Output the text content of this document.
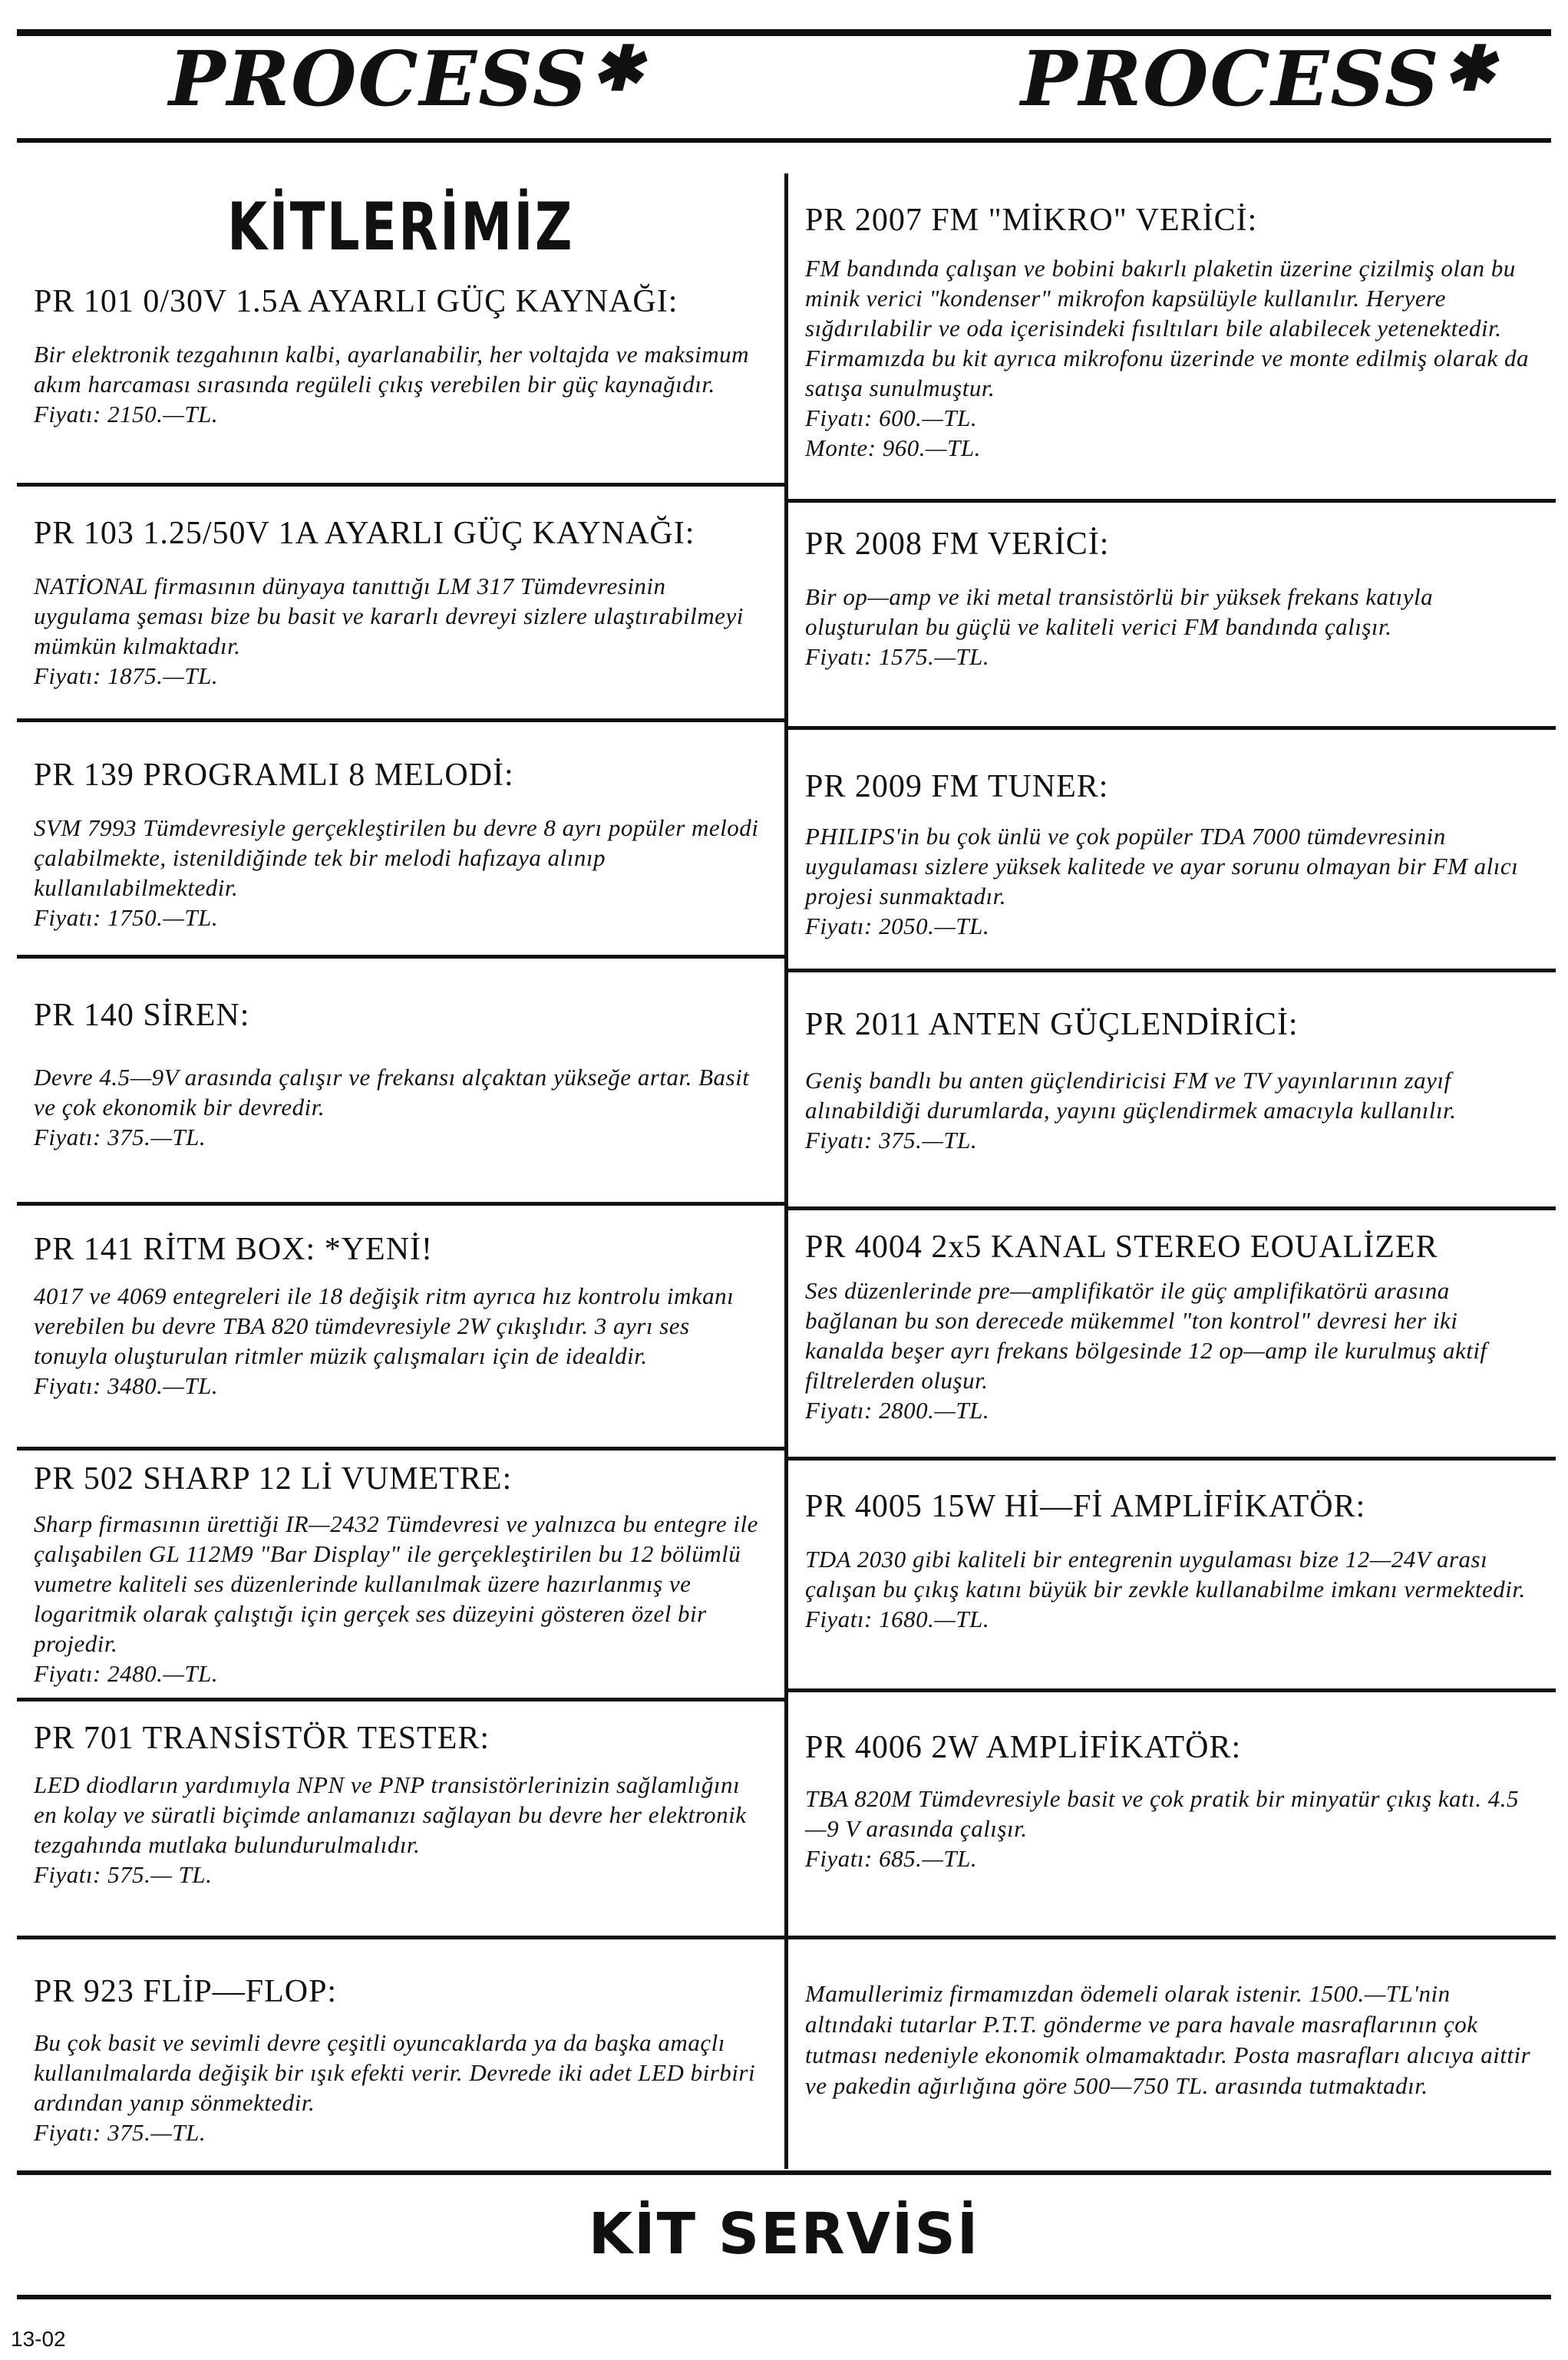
PROCESS✱	PROCESS✱
KİTLERİMİZ
PR 101 0/30V 1.5A AYARLI GÜÇ KAYNAĞI:

Bir elektronik tezgahının kalbi, ayarlanabilir, her voltajda ve maksimum akım harcaması sırasında regüleli çıkış verebilen bir güç kaynağıdır.

Fiyatı: 2150.—TL.

PR 103 1.25/50V 1A AYARLI GÜÇ KAYNAĞI:

NATİONAL firmasının dünyaya tanıttığı LM 317 Tümdevresinin uygulama şeması bize bu basit ve kararlı devreyi sizlere ulaştırabilmeyi mümkün kılmaktadır.

Fiyatı: 1875.—TL.

PR 139 PROGRAMLI 8 MELODİ:

SVM 7993 Tümdevresiyle gerçekleştirilen bu devre 8 ayrı popüler melodi çalabilmekte, istenildiğinde tek bir melodi hafızaya alınıp kullanılabilmektedir.

Fiyatı: 1750.—TL.

PR 140 SİREN:

Devre 4.5—9V arasında çalışır ve frekansı alçaktan yükseğe artar. Basit ve çok ekonomik bir devredir.

Fiyatı: 375.—TL.

PR 141 RİTM BOX: *YENİ!

4017 ve 4069 entegreleri ile 18 değişik ritm ayrıca hız kontrolu imkanı verebilen bu devre TBA 820 tümdevresiyle 2W çıkışlıdır. 3 ayrı ses tonuyla oluşturulan ritmler müzik çalışmaları için de idealdir.

Fiyatı: 3480.—TL.

PR 502 SHARP 12 Lİ VUMETRE:

Sharp firmasının ürettiği IR—2432 Tümdevresi ve yalnızca bu entegre ile çalışabilen GL 112M9 "Bar Display" ile gerçekleştirilen bu 12 bölümlü vumetre kaliteli ses düzenlerinde kullanılmak üzere hazırlanmış ve logaritmik olarak çalıştığı için gerçek ses düzeyini gösteren özel bir projedir.

Fiyatı: 2480.—TL.

PR 701 TRANSİSTÖR TESTER:

LED diodların yardımıyla NPN ve PNP transistörlerinizin sağlamlığını en kolay ve süratli biçimde anlamanızı sağlayan bu devre her elektronik tezgahında mutlaka bulundurulmalıdır.

Fiyatı: 575.— TL.

PR 923 FLİP—FLOP:

Bu çok basit ve sevimli devre çeşitli oyuncaklarda ya da başka amaçlı kullanılmalarda değişik bir ışık efekti verir. Devrede iki adet LED birbiri ardından yanıp sönmektedir.

Fiyatı: 375.—TL.

PR 2007 FM "MİKRO" VERİCİ:

FM bandında çalışan ve bobini bakırlı plaketin üzerine çizilmiş olan bu minik verici "kondenser" mikrofon kapsülüyle kullanılır. Heryere sığdırılabilir ve oda içerisindeki fısıltıları bile alabilecek yetenektedir. Firmamızda bu kit ayrıca mikrofonu üzerinde ve monte edilmiş olarak da satışa sunulmuştur.

Fiyatı: 600.—TL.

Monte: 960.—TL.

PR 2008 FM VERİCİ:

Bir op—amp ve iki metal transistörlü bir yüksek frekans katıyla oluşturulan bu güçlü ve kaliteli verici FM bandında çalışır.

Fiyatı: 1575.—TL.

PR 2009 FM TUNER:

PHILIPS'in bu çok ünlü ve çok popüler TDA 7000 tümdevresinin uygulaması sizlere yüksek kalitede ve ayar sorunu olmayan bir FM alıcı projesi sunmaktadır.

Fiyatı: 2050.—TL.

PR 2011 ANTEN GÜÇLENDİRİCİ:

Geniş bandlı bu anten güçlendiricisi FM ve TV yayınlarının zayıf alınabildiği durumlarda, yayını güçlendirmek amacıyla kullanılır.

Fiyatı: 375.—TL.

PR 4004 2x5 KANAL STEREO EOUALİZER

Ses düzenlerinde pre—amplifikatör ile güç amplifikatörü arasına bağlanan bu son derecede mükemmel "ton kontrol" devresi her iki kanalda beşer ayrı frekans bölgesinde 12 op—amp ile kurulmuş aktif filtrelerden oluşur.

Fiyatı: 2800.—TL.

PR 4005 15W Hİ—Fİ AMPLİFİKATÖR:

TDA 2030 gibi kaliteli bir entegrenin uygulaması bize 12—24V arası çalışan bu çıkış katını büyük bir zevkle kullanabilme imkanı vermektedir.

Fiyatı: 1680.—TL.

PR 4006 2W AMPLİFİKATÖR:

TBA 820M Tümdevresiyle basit ve çok pratik bir minyatür çıkış katı. 4.5—9 V arasında çalışır.

Fiyatı: 685.—TL.

Mamullerimiz firmamızdan ödemeli olarak istenir. 1500.—TL'nin altındaki tutarlar P.T.T. gönderme ve para havale masraflarının çok tutması nedeniyle ekonomik olmamaktadır. Posta masrafları alıcıya aittir ve pakedin ağırlığına göre 500—750 TL. arasında tutmaktadır.

KİT SERVİSİ
13-02
